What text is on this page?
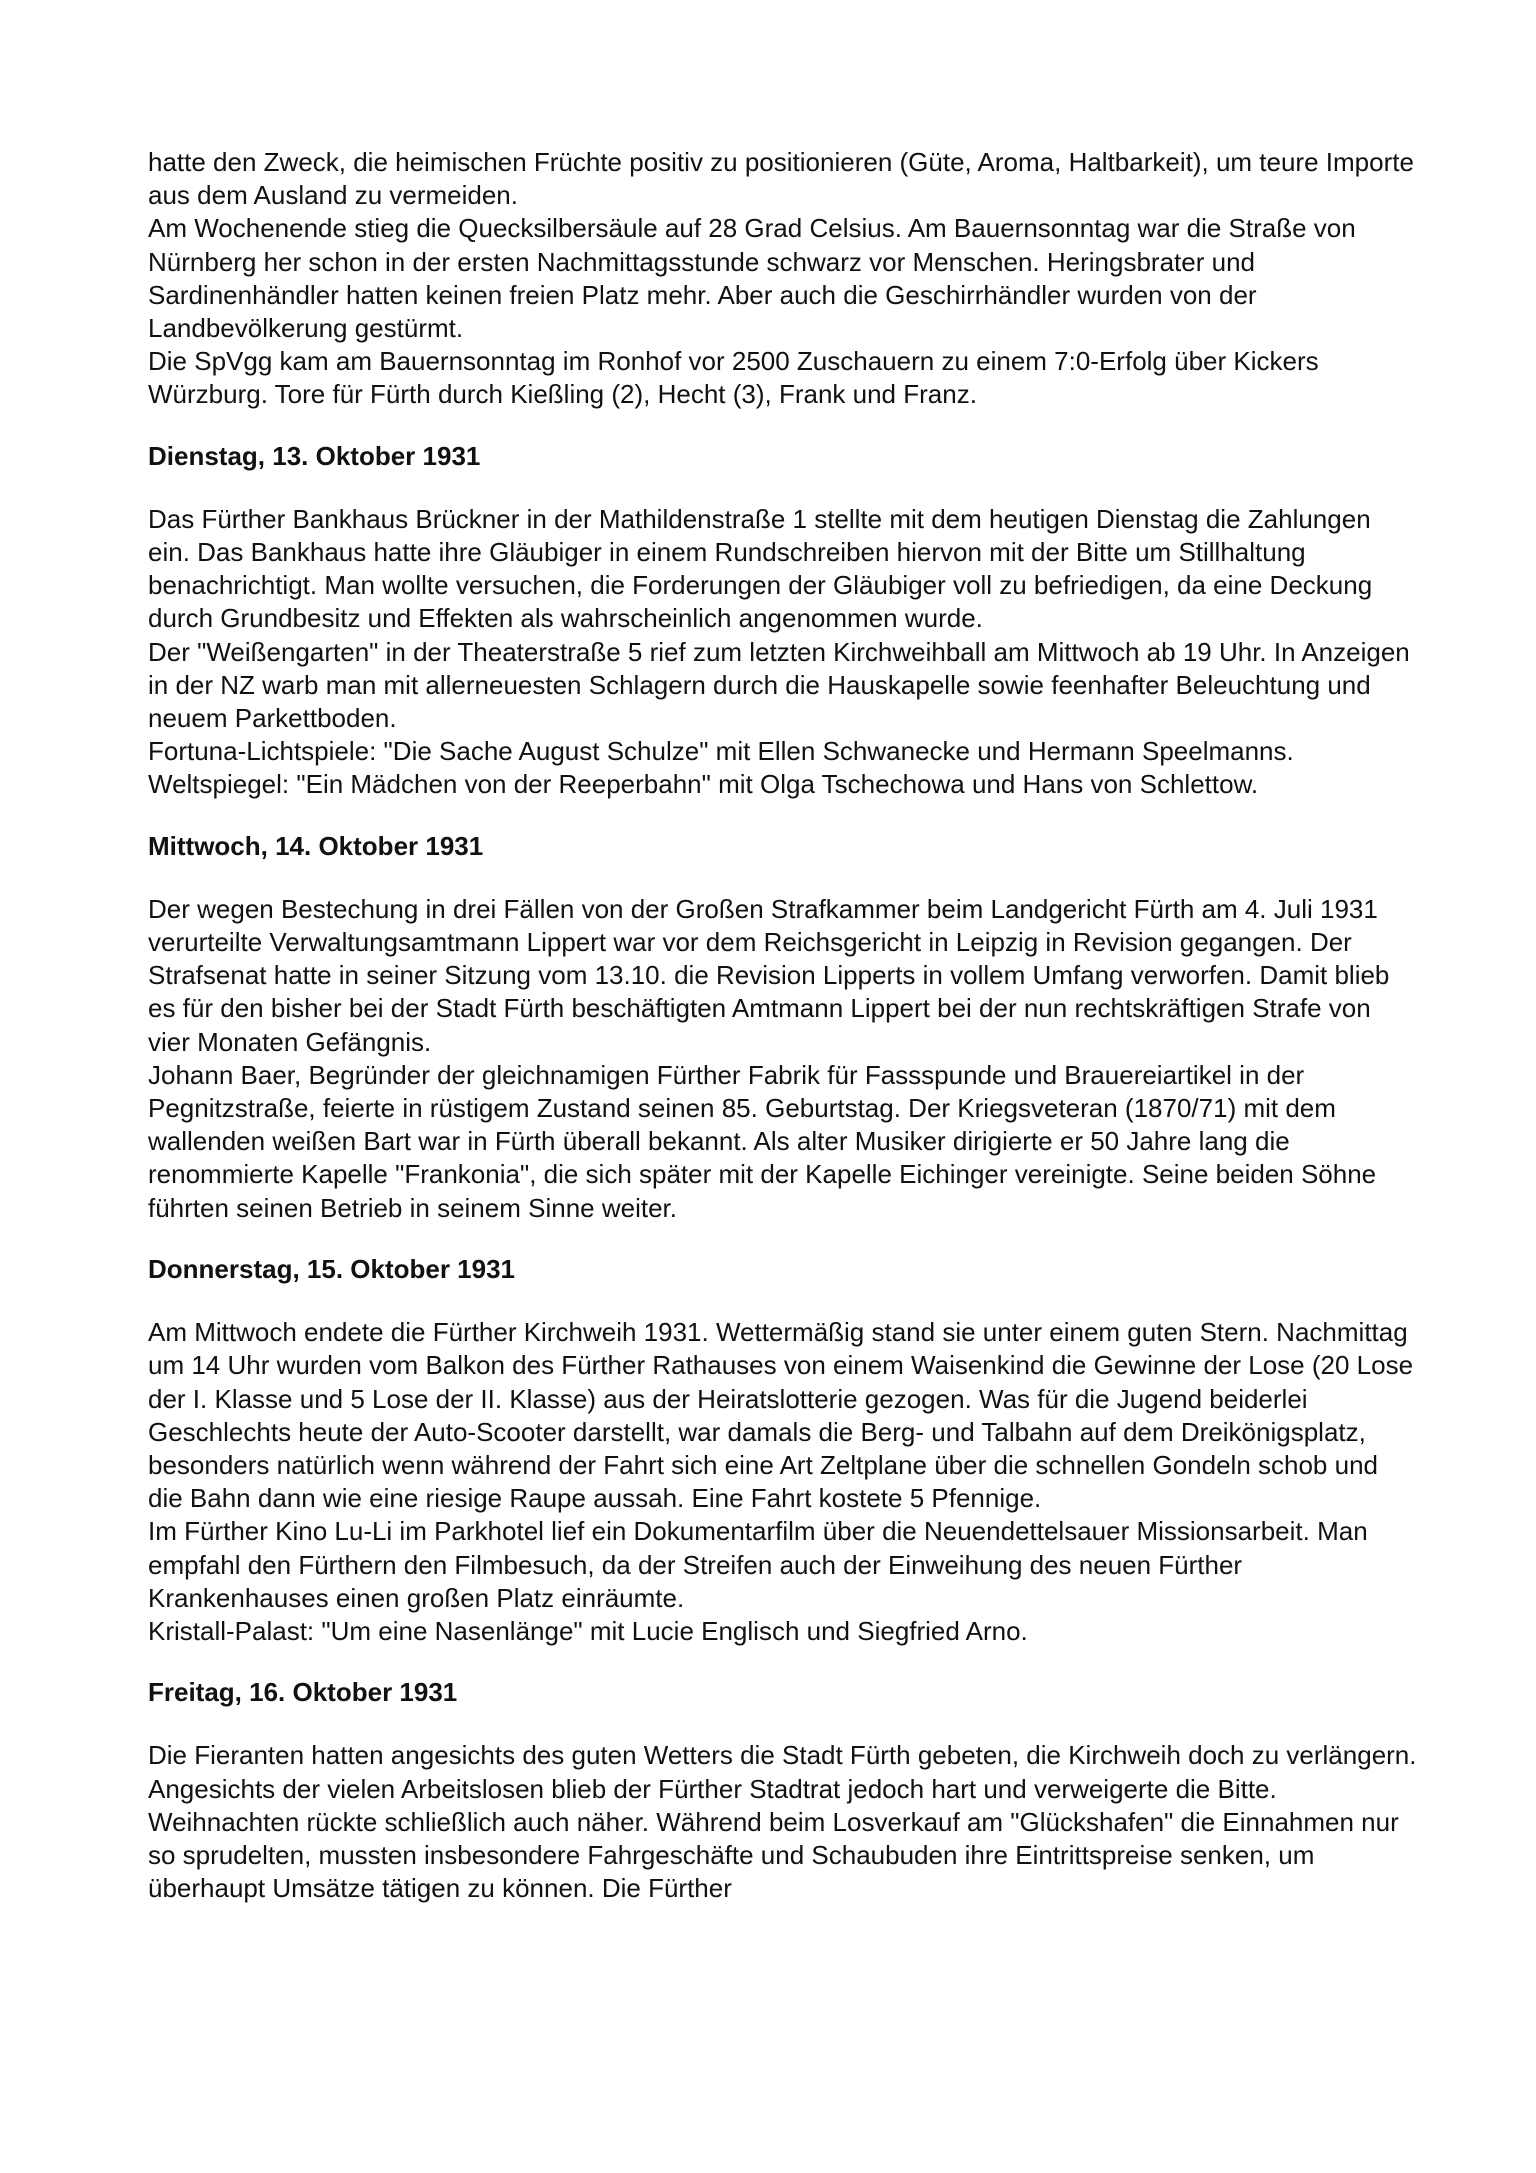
hatte den Zweck, die heimischen Früchte positiv zu positionieren (Güte, Aroma, Haltbarkeit), um teure Importe aus dem Ausland zu vermeiden.

Am Wochenende stieg die Quecksilbersäule auf 28 Grad Celsius. Am Bauernsonntag war die Straße von Nürnberg her schon in der ersten Nachmittagsstunde schwarz vor Menschen. Heringsbrater und Sardinenhändler hatten keinen freien Platz mehr. Aber auch die Geschirrhändler wurden von der Landbevölkerung gestürmt.

Die SpVgg kam am Bauernsonntag im Ronhof vor 2500 Zuschauern zu einem 7:0-Erfolg über Kickers Würzburg. Tore für Fürth durch Kießling (2), Hecht (3), Frank und Franz.

Dienstag, 13. Oktober 1931

Das Fürther Bankhaus Brückner in der Mathildenstraße 1 stellte mit dem heutigen Dienstag die Zahlungen ein. Das Bankhaus hatte ihre Gläubiger in einem Rundschreiben hiervon mit der Bitte um Stillhaltung benachrichtigt. Man wollte versuchen, die Forderungen der Gläubiger voll zu befriedigen, da eine Deckung durch Grundbesitz und Effekten als wahrscheinlich angenommen wurde.

Der "Weißengarten" in der Theaterstraße 5 rief zum letzten Kirchweihball am Mittwoch ab 19 Uhr. In Anzeigen in der NZ warb man mit allerneuesten Schlagern durch die Hauskapelle sowie feenhafter Beleuchtung und neuem Parkettboden.

Fortuna-Lichtspiele: "Die Sache August Schulze" mit Ellen Schwanecke und Hermann Speelmanns.

Weltspiegel: "Ein Mädchen von der Reeperbahn" mit Olga Tschechowa und Hans von Schlettow.

Mittwoch, 14. Oktober 1931

Der wegen Bestechung in drei Fällen von der Großen Strafkammer beim Landgericht Fürth am 4. Juli 1931 verurteilte Verwaltungsamtmann Lippert war vor dem Reichsgericht in Leipzig in Revision gegangen. Der Strafsenat hatte in seiner Sitzung vom 13.10. die Revision Lipperts in vollem Umfang verworfen. Damit blieb es für den bisher bei der Stadt Fürth beschäftigten Amtmann Lippert bei der nun rechtskräftigen Strafe von vier Monaten Gefängnis.

Johann Baer, Begründer der gleichnamigen Fürther Fabrik für Fassspunde und Brauereiartikel in der Pegnitzstraße, feierte in rüstigem Zustand seinen 85. Geburtstag. Der Kriegsveteran (1870/71) mit dem wallenden weißen Bart war in Fürth überall bekannt. Als alter Musiker dirigierte er 50 Jahre lang die renommierte Kapelle "Frankonia", die sich später mit der Kapelle Eichinger vereinigte. Seine beiden Söhne führten seinen Betrieb in seinem Sinne weiter.

Donnerstag, 15. Oktober 1931

Am Mittwoch endete die Fürther Kirchweih 1931. Wettermäßig stand sie unter einem guten Stern. Nachmittag um 14 Uhr wurden vom Balkon des Fürther Rathauses von einem Waisenkind die Gewinne der Lose (20 Lose der I. Klasse und 5 Lose der II. Klasse) aus der Heiratslotterie gezogen. Was für die Jugend beiderlei Geschlechts heute der Auto-Scooter darstellt, war damals die Berg- und Talbahn auf dem Dreikönigsplatz, besonders natürlich wenn während der Fahrt sich eine Art Zeltplane über die schnellen Gondeln schob und die Bahn dann wie eine riesige Raupe aussah. Eine Fahrt kostete 5 Pfennige.

Im Fürther Kino Lu-Li im Parkhotel lief ein Dokumentarfilm über die Neuendettelsauer Missionsarbeit. Man empfahl den Fürthern den Filmbesuch, da der Streifen auch der Einweihung des neuen Fürther Krankenhauses einen großen Platz einräumte.

Kristall-Palast: "Um eine Nasenlänge" mit Lucie Englisch und Siegfried Arno.

Freitag, 16. Oktober 1931

Die Fieranten hatten angesichts des guten Wetters die Stadt Fürth gebeten, die Kirchweih doch zu verlängern. Angesichts der vielen Arbeitslosen blieb der Fürther Stadtrat jedoch hart und verweigerte die Bitte. Weihnachten rückte schließlich auch näher. Während beim Losverkauf am "Glückshafen" die Einnahmen nur so sprudelten, mussten insbesondere Fahrgeschäfte und Schaubuden ihre Eintrittspreise senken, um überhaupt Umsätze tätigen zu können. Die Fürther
